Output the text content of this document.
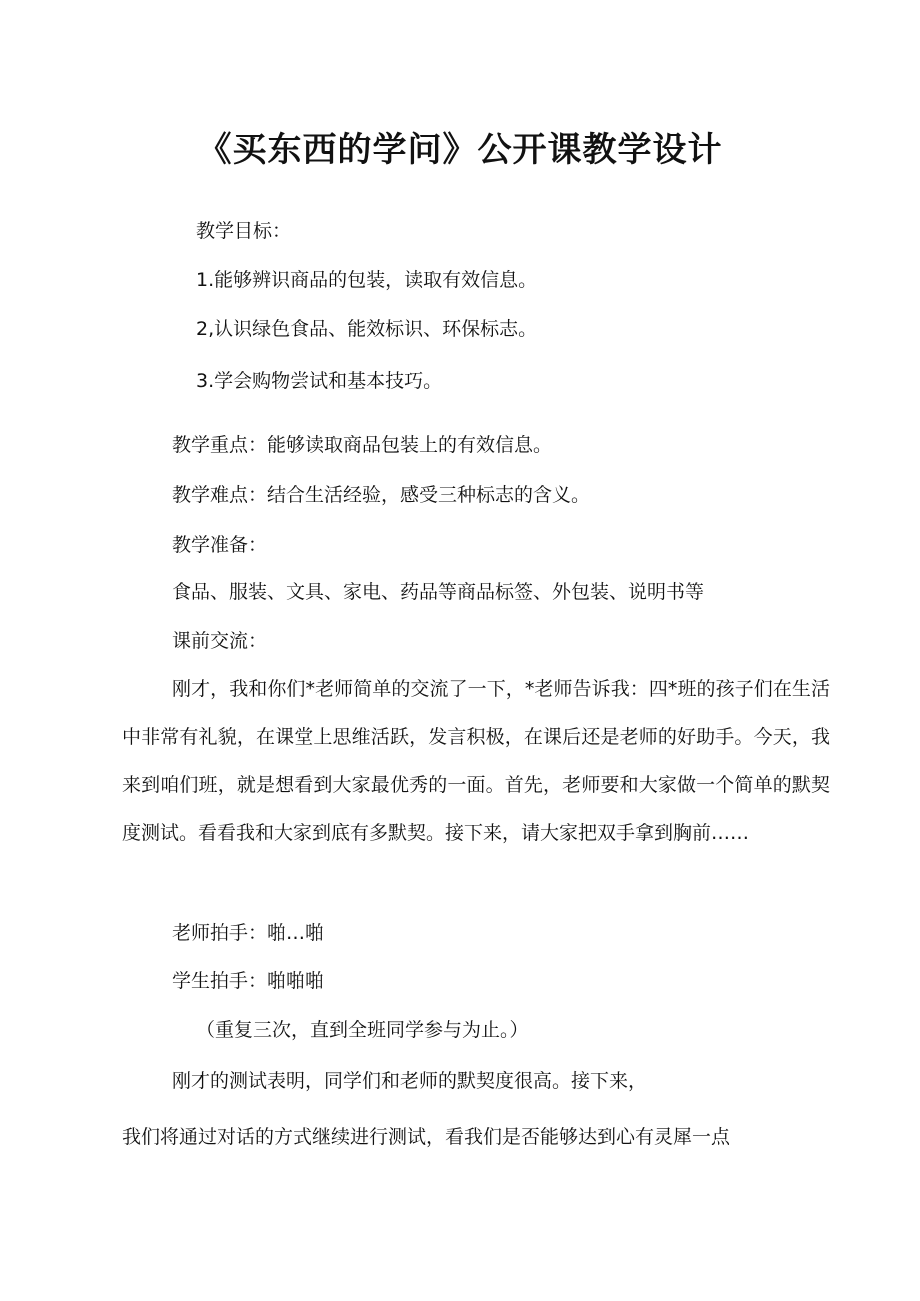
《买东西的学问》公开课教学设计
教学目标：
1.能够辨识商品的包装，读取有效信息。
2,认识绿色食品、能效标识、环保标志。
3.学会购物尝试和基本技巧。
教学重点：能够读取商品包装上的有效信息。
教学难点：结合生活经验，感受三种标志的含义。
教学准备：
食品、服装、文具、家电、药品等商品标签、外包装、说明书等
课前交流：
刚才，我和你们*老师简单的交流了一下，*老师告诉我：四*班的孩子们在生活中非常有礼貌，在课堂上思维活跃，发言积极，在课后还是老师的好助手。今天，我来到咱们班，就是想看到大家最优秀的一面。首先，老师要和大家做一个简单的默契度测试。看看我和大家到底有多默契。接下来，请大家把双手拿到胸前……
老师拍手：啪…啪
学生拍手：啪啪啪
（重复三次，直到全班同学参与为止。）
刚才的测试表明，同学们和老师的默契度很高。接下来，
我们将通过对话的方式继续进行测试，看我们是否能够达到心有灵犀一点
